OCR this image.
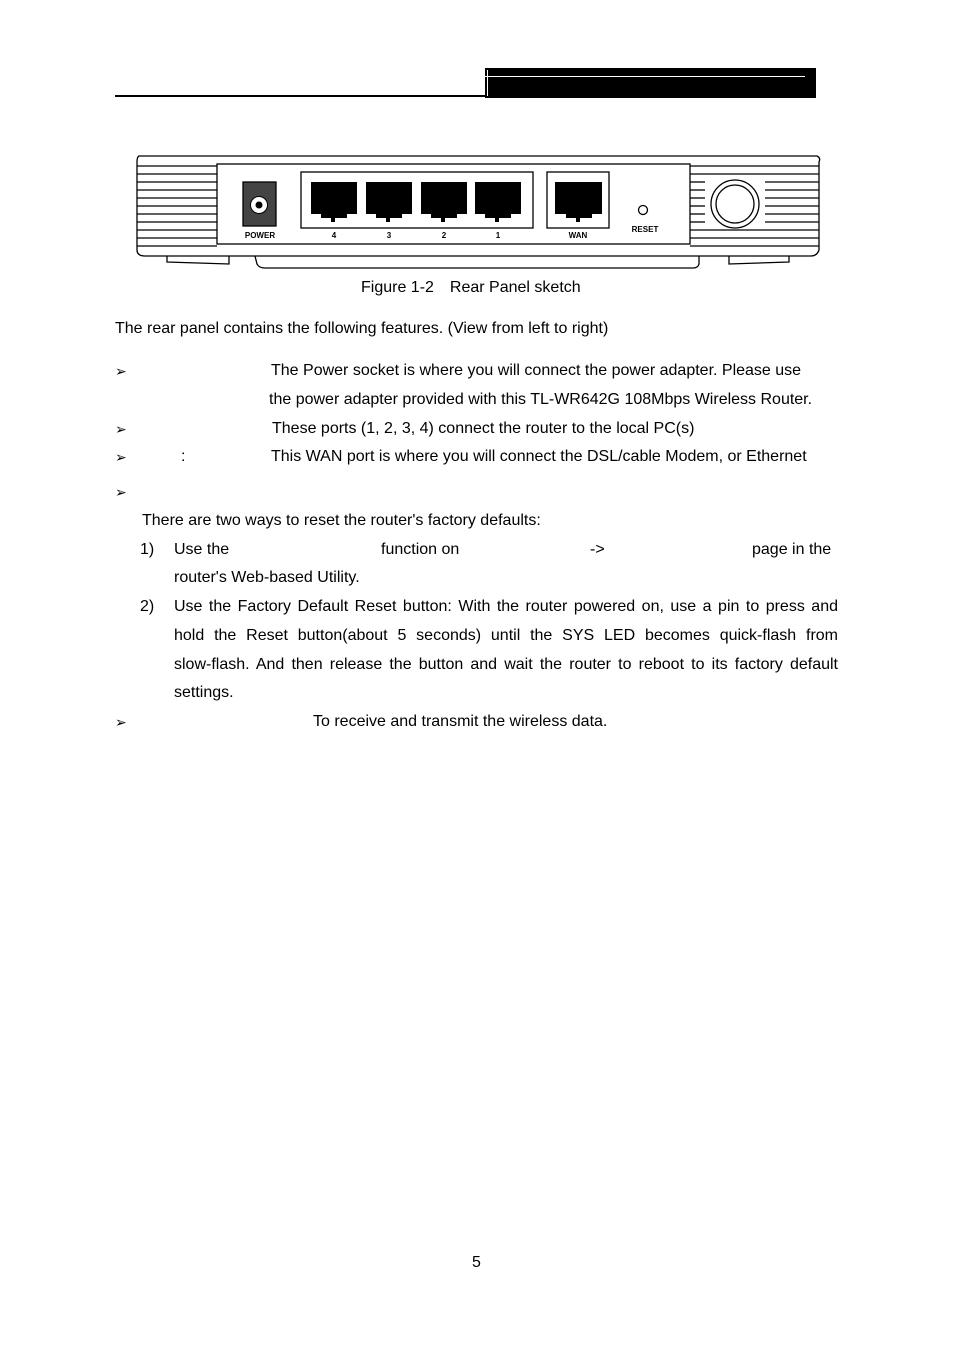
POWER	4	3	2	1	WAN
RESET
Figure 1-2 Rear Panel sketch
The rear panel contains the following features. (View from left to right)
➢	The Power socket is where you will connect the power adapter. Please use
the power adapter provided with this TL-WR642G 108Mbps Wireless Router.
➢	These ports (1, 2, 3, 4) connect the router to the local PC(s)
➢	:	This WAN port is where you will connect the DSL/cable Modem, or Ethernet
➢
There are two ways to reset the router's factory defaults:
1) Use the	function on	->	page in the
router's Web-based Utility.
2) Use the Factory Default Reset button: With the router powered on, use a pin to press and
hold the Reset button(about 5 seconds) until the SYS LED becomes quick-flash from
slow-flash. And then release the button and wait the router to reboot to its factory default
settings.
➢	To receive and transmit the wireless data.
5
